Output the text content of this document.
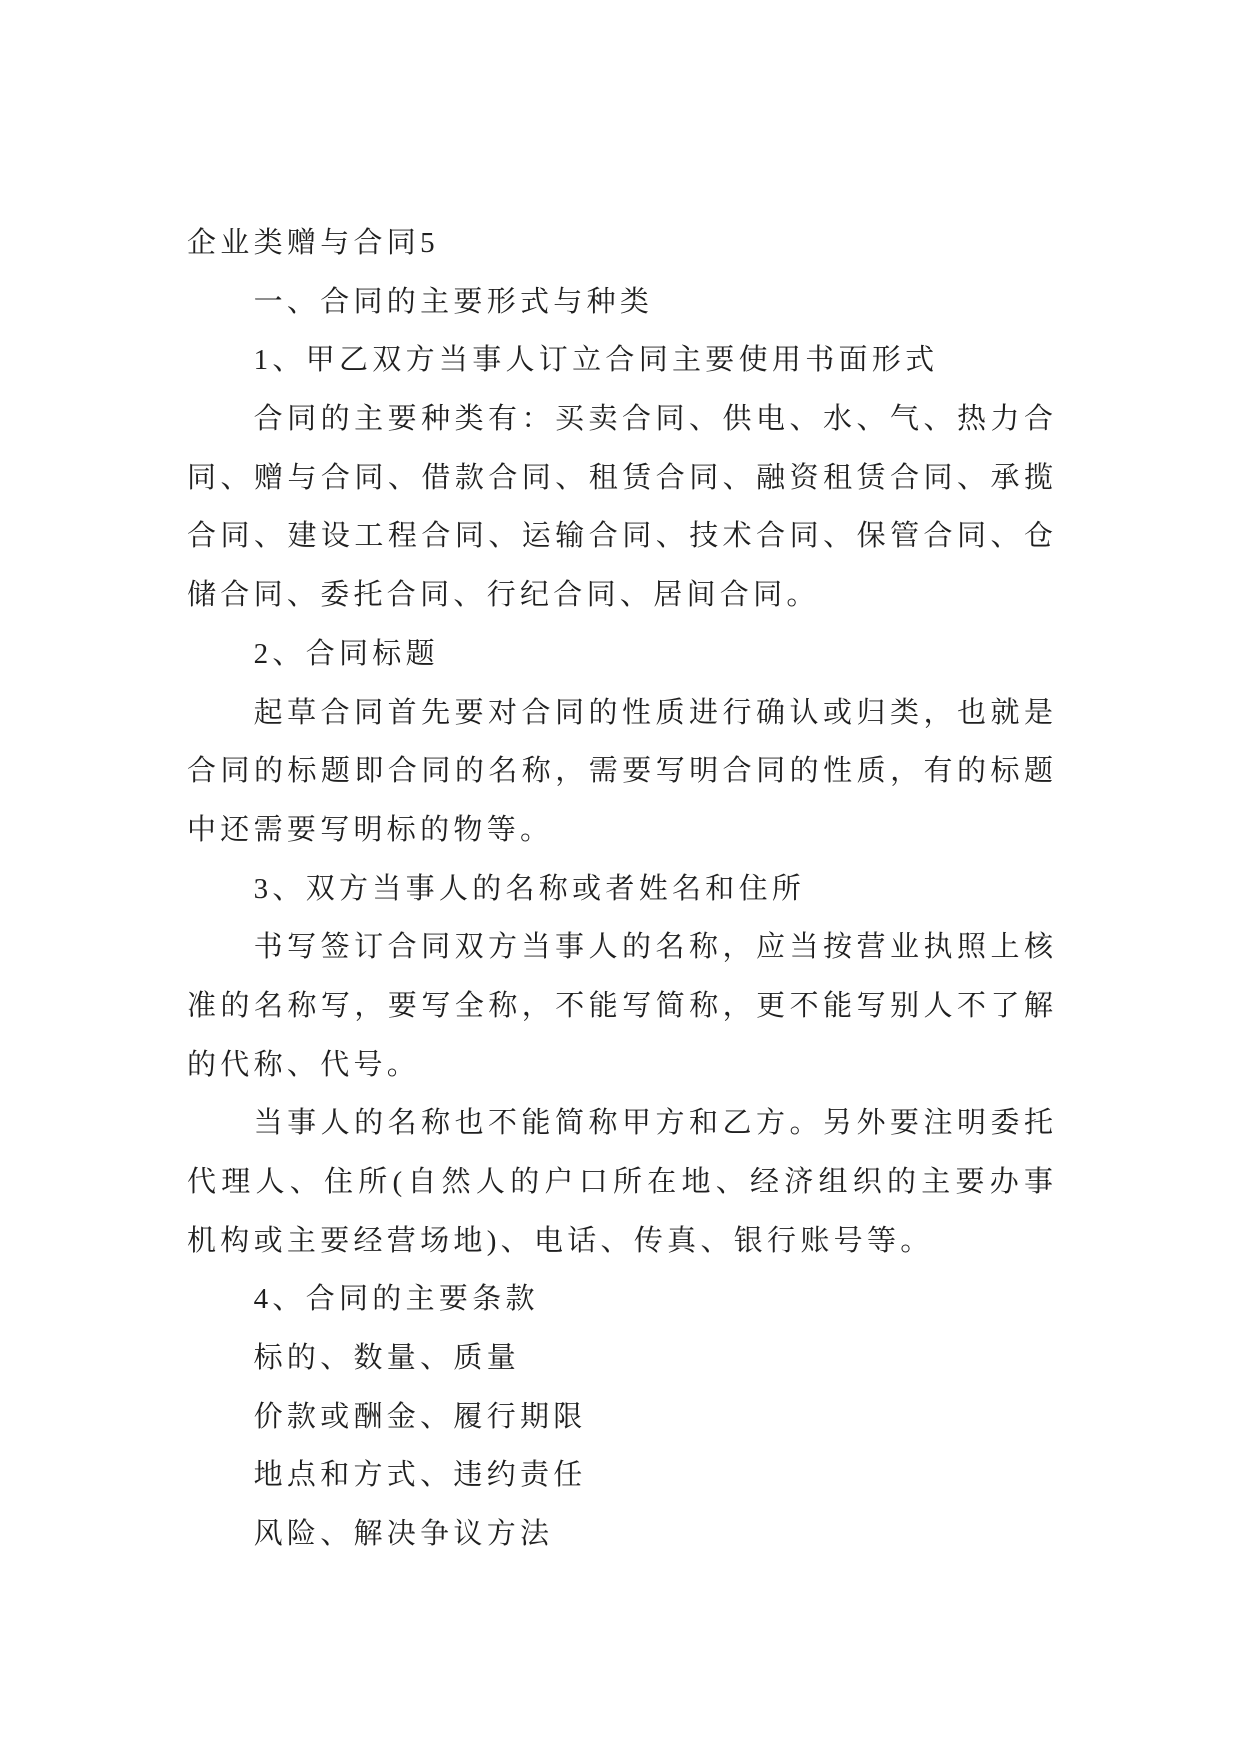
企业类赠与合同5
一、合同的主要形式与种类
1、甲乙双方当事人订立合同主要使用书面形式
合同的主要种类有：买卖合同、供电、水、气、热力合
同、赠与合同、借款合同、租赁合同、融资租赁合同、承揽
合同、建设工程合同、运输合同、技术合同、保管合同、仓
储合同、委托合同、行纪合同、居间合同。
2、合同标题
起草合同首先要对合同的性质进行确认或归类，也就是
合同的标题即合同的名称，需要写明合同的性质，有的标题
中还需要写明标的物等。
3、双方当事人的名称或者姓名和住所
书写签订合同双方当事人的名称，应当按营业执照上核
准的名称写，要写全称，不能写简称，更不能写别人不了解
的代称、代号。
当事人的名称也不能简称甲方和乙方。另外要注明委托
代理人、住所(自然人的户口所在地、经济组织的主要办事
机构或主要经营场地)、电话、传真、银行账号等。
4、合同的主要条款
标的、数量、质量
价款或酬金、履行期限
地点和方式、违约责任
风险、解决争议方法
